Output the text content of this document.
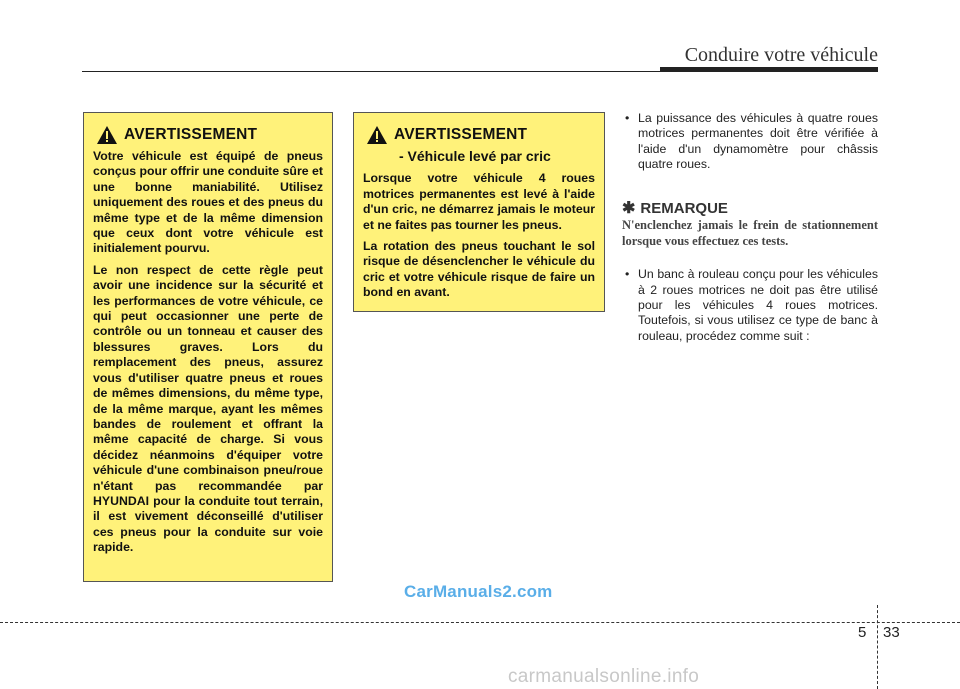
Conduire votre véhicule
AVERTISSEMENT

Votre véhicule est équipé de pneus conçus pour offrir une conduite sûre et une bonne maniabilité. Utilisez uniquement des roues et des pneus du même type et de la même dimension que ceux dont votre véhicule est initialement pourvu.

Le non respect de cette règle peut avoir une incidence sur la sécurité et les performances de votre véhicule, ce qui peut occasionner une perte de contrôle ou un tonneau et causer des blessures graves. Lors du remplacement des pneus, assurez vous d'utiliser quatre pneus et roues de mêmes dimensions, du même type, de la même marque, ayant les mêmes bandes de roulement et offrant la même capacité de charge. Si vous décidez néanmoins d'équiper votre véhicule d'une combinaison pneu/roue n'étant pas recommandée par HYUNDAI pour la conduite tout terrain, il est vivement déconseillé d'utiliser ces pneus pour la conduite sur voie rapide.

AVERTISSEMENT
- Véhicule levé par cric

Lorsque votre véhicule 4 roues motrices permanentes est levé à l'aide d'un cric, ne démarrez jamais le moteur et ne faites pas tourner les pneus.

La rotation des pneus touchant le sol risque de désenclencher le véhicule du cric et votre véhicule risque de faire un bond en avant.

• La puissance des véhicules à quatre roues motrices permanentes doit être vérifiée à l'aide d'un dynamomètre pour châssis quatre roues.
✱ REMARQUE
N'enclenchez jamais le frein de stationnement lorsque vous effectuez ces tests.
• Un banc à rouleau conçu pour les véhicules à 2 roues motrices ne doit pas être utilisé pour les véhicules 4 roues motrices. Toutefois, si vous utilisez ce type de banc à rouleau, procédez comme suit :
CarManuals2.com
5 33
carmanualsonline.info
